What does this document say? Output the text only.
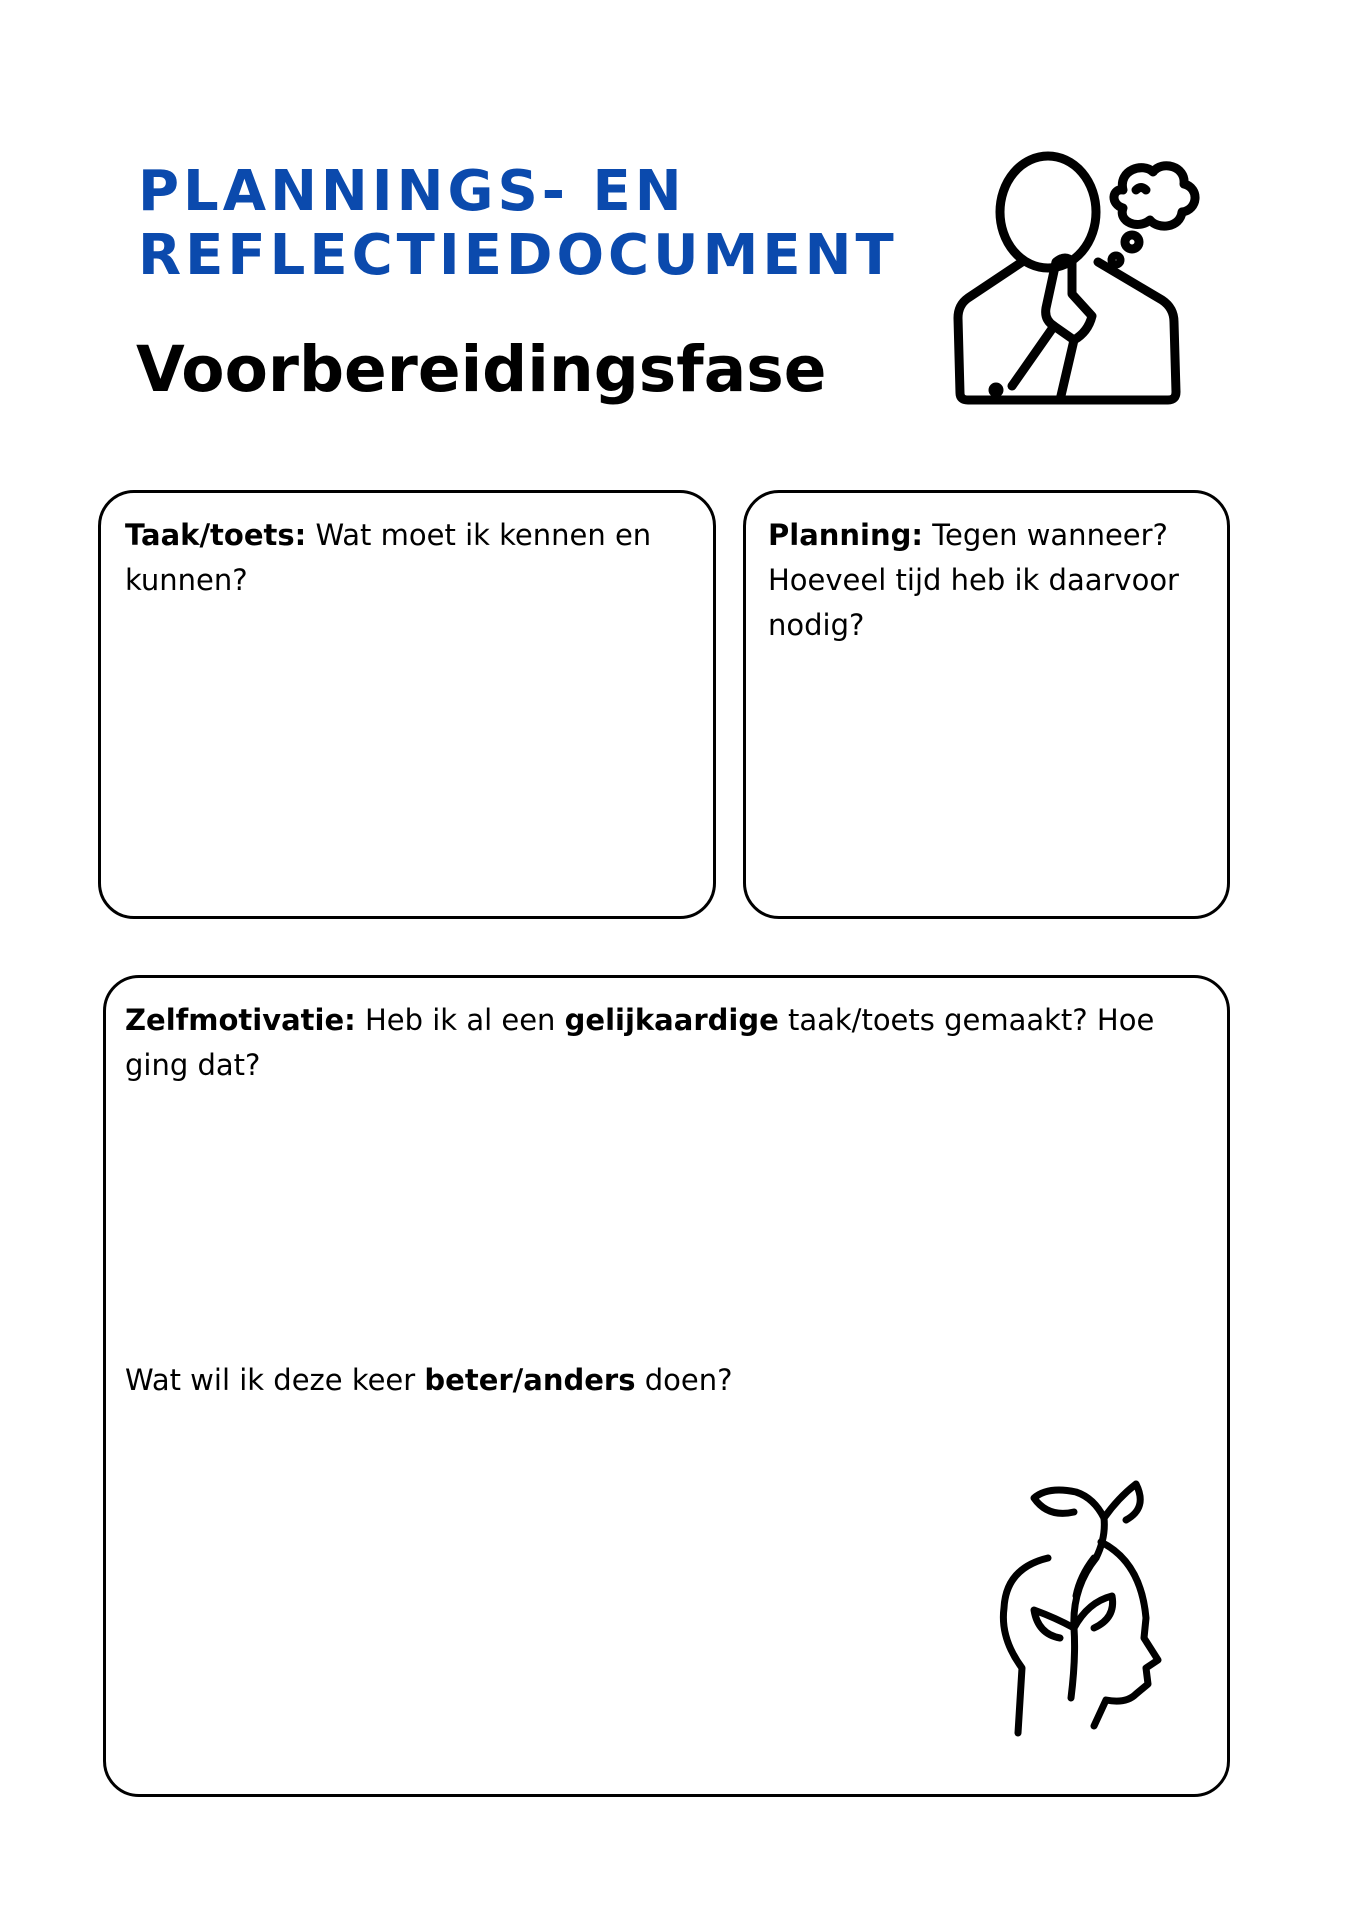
PLANNINGS- EN
REFLECTIEDOCUMENT
Voorbereidingsfase

Taak/toets: Wat moet ik kennen en kunnen?

Planning: Tegen wanneer? Hoeveel tijd heb ik daarvoor nodig?

Zelfmotivatie: Heb ik al een gelijkaardige taak/toets gemaakt? Hoe ging dat?

Wat wil ik deze keer beter/anders doen?
